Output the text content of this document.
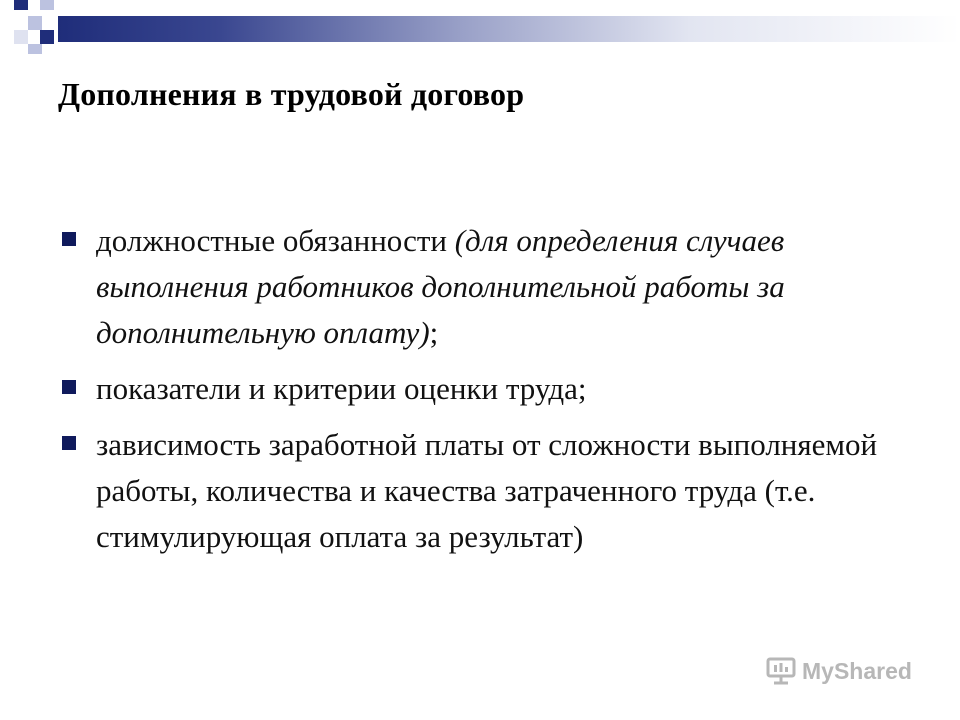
Дополнения в трудовой договор
должностные обязанности (для определения случаев выполнения работников дополнительной работы за дополнительную оплату);
показатели и критерии оценки труда;
зависимость заработной платы от сложности выполняемой работы, количества и качества затраченного труда (т.е. стимулирующая оплата за результат)
MyShared
